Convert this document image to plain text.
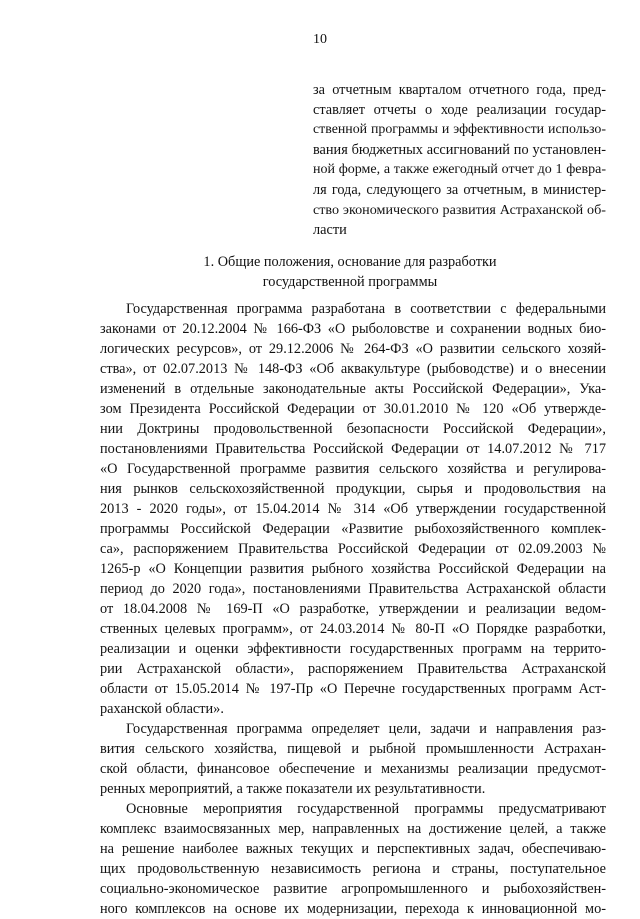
10
за отчетным кварталом отчетного года, пред-
ставляет отчеты о ходе реализации государ-
ственной программы и эффективности использо-
вания бюджетных ассигнований по установлен-
ной форме, а также ежегодный отчет до 1 февра-
ля года, следующего за отчетным, в министер-
ство экономического развития Астраханской об-
ласти
1. Общие положения, основание для разработки
государственной программы
Государственная программа разработана в соответствии с федеральными
законами от 20.12.2004 № 166-ФЗ «О рыболовстве и сохранении водных био-
логических ресурсов», от 29.12.2006 № 264-ФЗ «О развитии сельского хозяй-
ства», от 02.07.2013 № 148-ФЗ «Об аквакультуре (рыбоводстве) и о внесении
изменений в отдельные законодательные акты Российской Федерации», Ука-
зом Президента Российской Федерации от 30.01.2010 № 120 «Об утвержде-
нии Доктрины продовольственной безопасности Российской Федерации»,
постановлениями Правительства Российской Федерации от 14.07.2012 № 717
«О Государственной программе развития сельского хозяйства и регулирова-
ния рынков сельскохозяйственной продукции, сырья и продовольствия на
2013 - 2020 годы», от 15.04.2014 № 314 «Об утверждении государственной
программы Российской Федерации «Развитие рыбохозяйственного комплек-
са», распоряжением Правительства Российской Федерации от 02.09.2003 №
1265-р «О Концепции развития рыбного хозяйства Российской Федерации на
период до 2020 года», постановлениями Правительства Астраханской области
от 18.04.2008 № 169-П «О разработке, утверждении и реализации ведом-
ственных целевых программ», от 24.03.2014 № 80-П «О Порядке разработки,
реализации и оценки эффективности государственных программ на террито-
рии Астраханской области», распоряжением Правительства Астраханской
области от 15.05.2014 № 197-Пр «О Перечне государственных программ Аст-
раханской области».
Государственная программа определяет цели, задачи и направления раз-
вития сельского хозяйства, пищевой и рыбной промышленности Астрахан-
ской области, финансовое обеспечение и механизмы реализации предусмот-
ренных мероприятий, а также показатели их результативности.
Основные мероприятия государственной программы предусматривают
комплекс взаимосвязанных мер, направленных на достижение целей, а также
на решение наиболее важных текущих и перспективных задач, обеспечиваю-
щих продовольственную независимость региона и страны, поступательное
социально-экономическое развитие агропромышленного и рыбохозяйствен-
ного комплексов на основе их модернизации, перехода к инновационной мо-
